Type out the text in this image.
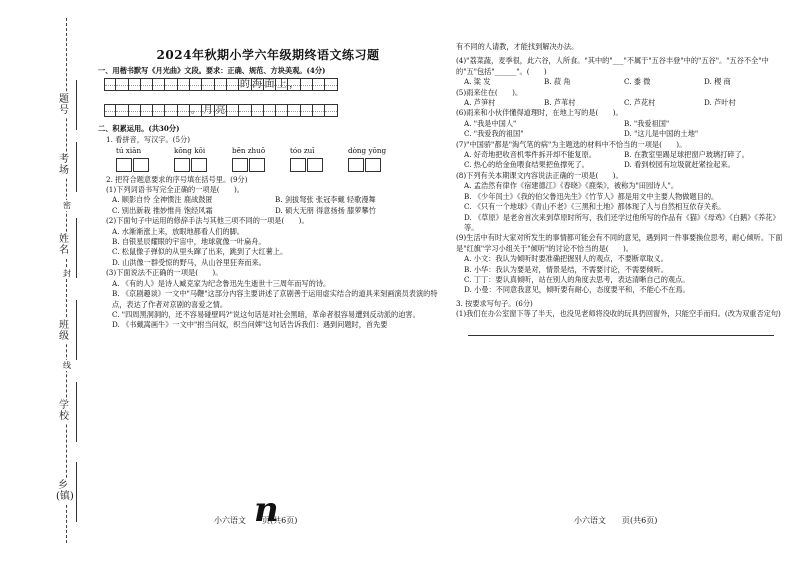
题号
考场
姓名
班级
学校
乡(镇)
密
封
线
2024年秋期小学六年级期终语文练习题

一、用楷书默写《月光曲》文段。要求：正确、规范、方块美观。(4分)

的 海 面 上 ，
。 月 亮

二、积累运用。(共30分)

1. 看拼音，写汉字。(5分)

tú xiān	kōng kōi	bēn zhuō	tóo zuī	dòng yōng

2. 把符合题意要求的序号填在括号里。(9分)

(1)下列词语书写完全正确的一项是(　　)。

A. 顺影自怜 全神惯注 鹿战鼓匿	B. 剑拔弩张 张冠李戴 轻歌漫舞
C. 别出新栽 推妙惟肖 饱经风霜	D. 硕大无朋 得意扬扬 膝萝攀竹

(2)下面句子中运用的修辞手法与其他三项不同的一项是(　　)。

A. 水渐渐涨上来，放眼地都看人们的脚。

B. 自银星辰耀眼的宇宙中，地球就像一叶扁舟。

C. 松鼠像子弹似的从里头蹿了出来，跳到了大红薯上。

D. 山洪像一群受惊的野马，从山谷里狂奔而来。

(3)下面说法不正确的一项是(　　)。

A. 《有的人》是诗人臧克家为纪念鲁迅先生逝世十三周年而写的诗。

B. 《京剧趣谈》一文中"马鞭"这部分内容主要讲述了京剧善于运用虚实结合的道具来刻画演员表演的特点，表达了作者对京剧的喜爱之情。

C. "四周黑洞洞的，还不容易碰壁吗?"说这句话是对社会黑暗，革命者很容易遭到反动派的迫害。

D. 《书戴嵩画牛》一文中"拊当问奴，织当问婢"这句话告诉我们：遇到问题时，首先要

n
小六语文　　页(共6页)

有不同的人请教，才能找到解决办法。

(4)"荔菜蔬，麦季很，此六谷，人所食。"其中的"___"不属于"五谷丰登"中的"五谷"。"五谷不全"中的"五"包括"______"。(　　)

A. 粱 发	B. 菽 角	C. 黍 微	D. 稷 商

(5)雨来住在(　　)。

A. 芦笋村	B. 芦苇村	C. 芦花村	D. 芦叶村

(6)雨来和小伙伴懂得道理时，在地上写的是(　　)。

A. "我是中国人"	B. "我爱祖国"
C. "我爱我的祖国"	D. "这儿是中国的土地"

(7)"中国骄"都是"淘气笔的病"为主题选的材料中不恰当的一项是(　　)。

A. 好奇地把收音机零件拆开却不能复原。	B. 在教室里踢足球把窗户玻璃打碎了。
C. 热心的给金鱼喂食结果把鱼撑死了。	D. 看到校园有垃圾就赶紧捡起来。

(8)下列有关本期课文内容说法正确的一项是(　　)。

A. 孟浩然有律作《宿建德江》《春晓》《鹿柴》，被称为"田园诗人"。

B. 《少年闰土》《我的伯父鲁迅先生》《竹节人》都是用文中主要人物做题目的。

C. 《只有一个地球》《青山不老》《三黑和土地》都体现了人与自然相互依存关系。

D. 《草原》是老舍首次来到草原时所写，我们还学过他所写的作品有《猫》《母鸡》《白鹅》《养花》等。

(9)生活中有时大家对所发生的事情都可能会有不同的意见，遇到同一件事要换位思考，耐心倾听。下面是"红旗"学习小组关于"倾听"的讨论不恰当的是(　　)。

A. 小文：我认为倾听时要准确把握别人的观点，不要断章取义。

B. 小华：我认为要是对，情景是结，不需要讨论，不需要倾听。

C. 丁丁：要认真倾听，站在别人的角度去思考，表达清晰自己的观点。

D. 小曼：不同意我意见，倾听要有耐心，态度要平和，不能心不在焉。

3. 按要求写句子。(6分)

(1)我们在办公室窗下等了半天，也没见老师将没收的玩具扔回窗外，只能空手而归。(改为双重否定句)

小六语文　　页(共6页)
